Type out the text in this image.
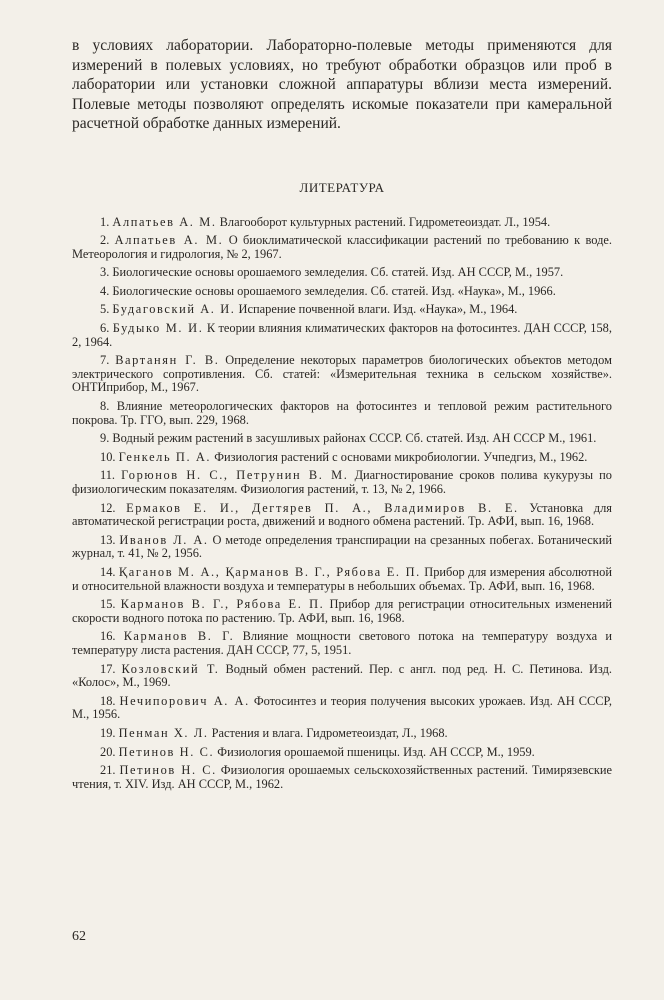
в условиях лаборатории. Лабораторно-полевые методы применяются для измерений в полевых условиях, но требуют обработки образцов или проб в лаборатории или установки сложной аппаратуры вблизи места измерений. Полевые методы позволяют определять искомые показатели при камеральной расчетной обработке данных измерений.

ЛИТЕРАТУРА
1. Алпатьев А. М. Влагооборот культурных растений. Гидрометеоиздат. Л., 1954.
2. Алпатьев А. М. О биоклиматической классификации растений по требованию к воде. Метеорология и гидрология, № 2, 1967.
3. Биологические основы орошаемого земледелия. Сб. статей. Изд. АН СССР, М., 1957.
4. Биологические основы орошаемого земледелия. Сб. статей. Изд. «Наука», М., 1966.
5. Будаговский А. И. Испарение почвенной влаги. Изд. «Наука», М., 1964.
6. Будыко М. И. К теории влияния климатических факторов на фотосинтез. ДАН СССР, 158, 2, 1964.
7. Вартанян Г. В. Определение некоторых параметров биологических объектов методом электрического сопротивления. Сб. статей: «Измерительная техника в сельском хозяйстве». ОНТИприбор, М., 1967.
8. Влияние метеорологических факторов на фотосинтез и тепловой режим растительного покрова. Тр. ГГО, вып. 229, 1968.
9. Водный режим растений в засушливых районах СССР. Сб. статей. Изд. АН СССР М., 1961.
10. Генкель П. А. Физиология растений с основами микробиологии. Учпедгиз, М., 1962.
11. Горюнов Н. С., Петрунин В. М. Диагностирование сроков полива кукурузы по физиологическим показателям. Физиология растений, т. 13, № 2, 1966.
12. Ермаков Е. И., Дегтярев П. А., Владимиров В. Е. Установка для автоматической регистрации роста, движений и водного обмена растений. Тр. АФИ, вып. 16, 1968.
13. Иванов Л. А. О методе определения транспирации на срезанных побегах. Ботанический журнал, т. 41, № 2, 1956.
14. Қаганов М. А., Қарманов В. Г., Рябова Е. П. Прибор для измерения абсолютной и относительной влажности воздуха и температуры в небольших объемах. Тр. АФИ, вып. 16, 1968.
15. Карманов В. Г., Рябова Е. П. Прибор для регистрации относительных изменений скорости водного потока по растению. Тр. АФИ, вып. 16, 1968.
16. Карманов В. Г. Влияние мощности светового потока на температуру воздуха и температуру листа растения. ДАН СССР, 77, 5, 1951.
17. Козловский Т. Водный обмен растений. Пер. с англ. под ред. Н. С. Петинова. Изд. «Колос», М., 1969.
18. Нечипорович А. А. Фотосинтез и теория получения высоких урожаев. Изд. АН СССР, М., 1956.
19. Пенман Х. Л. Растения и влага. Гидрометеоиздат, Л., 1968.
20. Петинов Н. С. Физиология орошаемой пшеницы. Изд. АН СССР, М., 1959.
21. Петинов Н. С. Физиология орошаемых сельскохозяйственных растений. Тимирязевские чтения, т. XIV. Изд. АН СССР, М., 1962.
62
